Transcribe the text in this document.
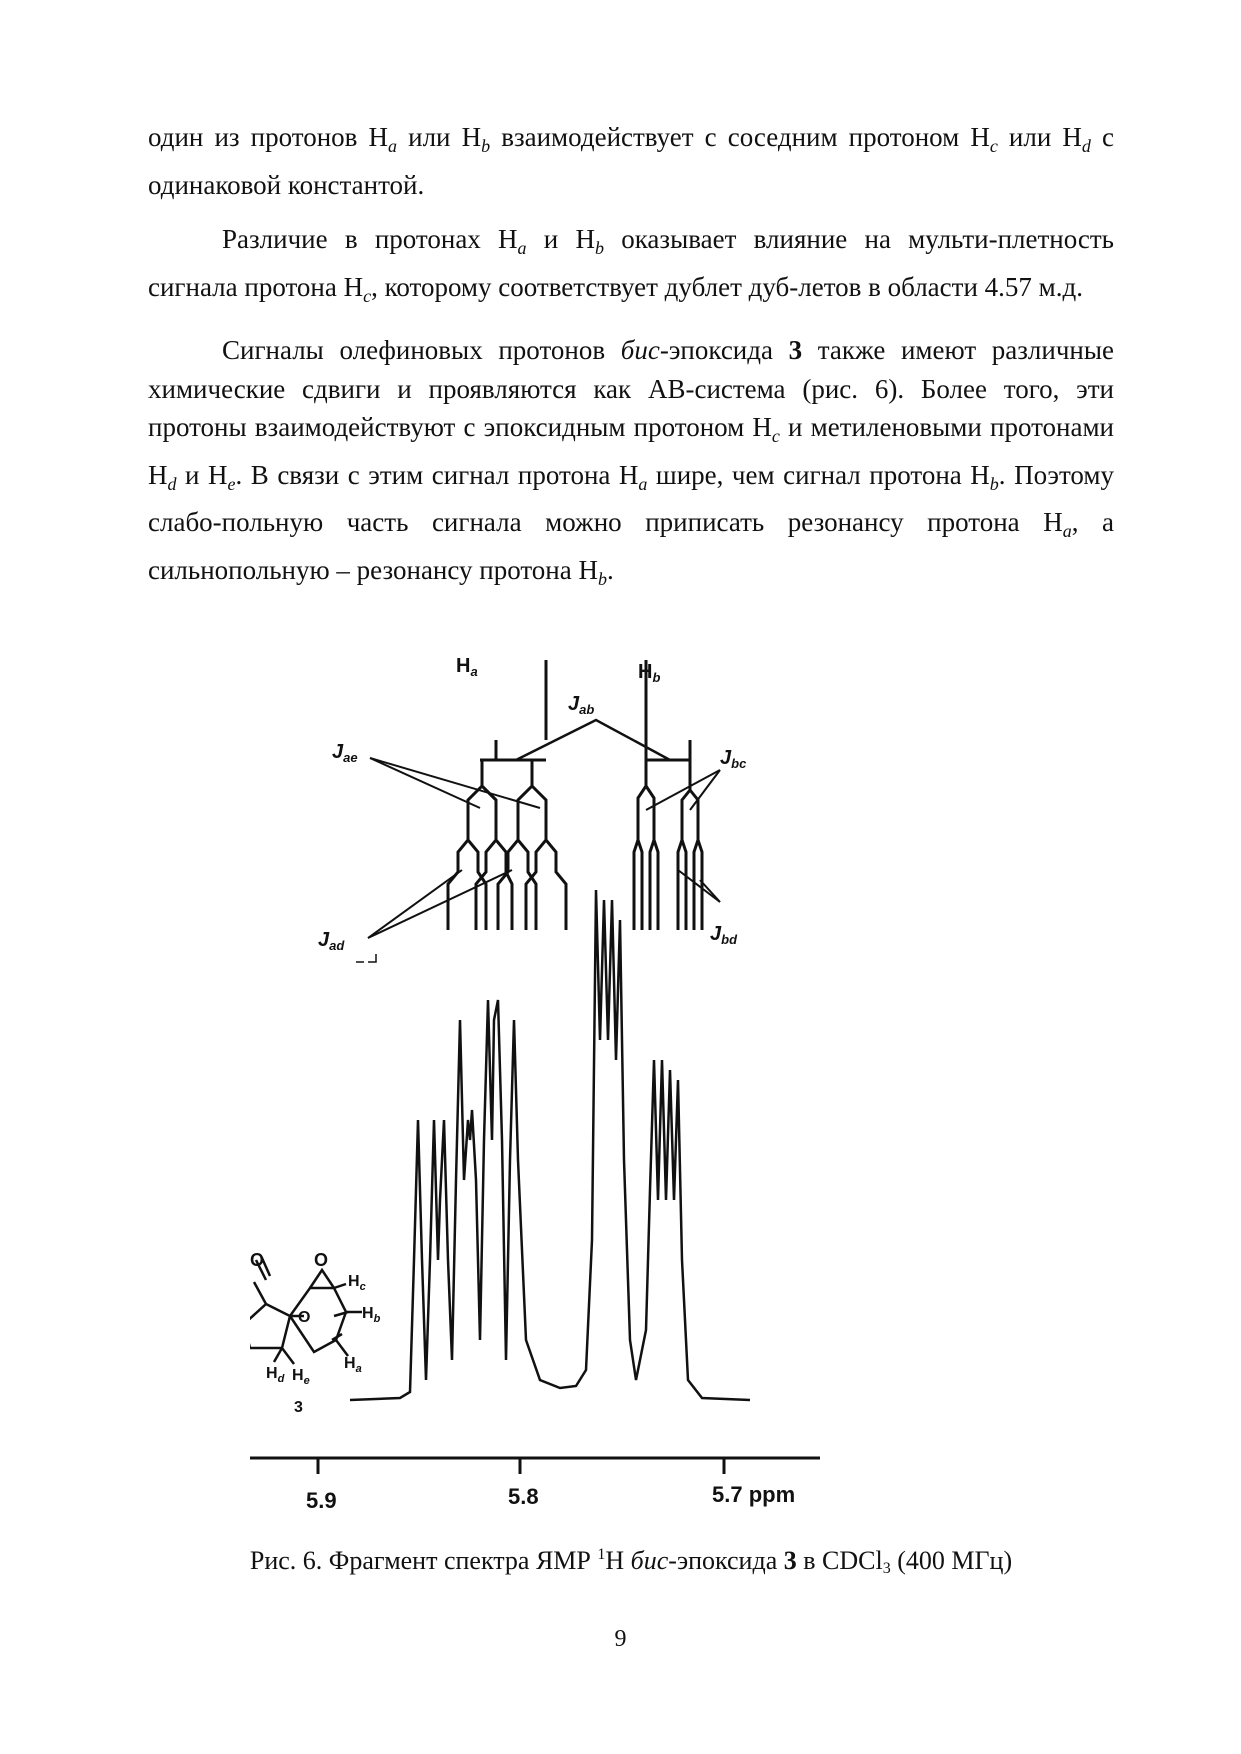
один из протонов $H_a$ или $H_b$ взаимодействует с соседним протоном $H_c$ или $H_d$ с одинаковой константой.

Различие в протонах $H_a$ и $H_b$ оказывает влияние на мульти-плетность сигнала протона $H_c$, которому соответствует дублет дуб-летов в области 4.57 м.д.

Сигналы олефиновых протонов бис-эпоксида 3 также имеют различные химические сдвиги и проявляются как AB-система (рис. 6). Более того, эти протоны взаимодействуют с эпоксидным протоном $H_c$ и метиленовыми протонами $H_d$ и $H_e$. В связи с этим сигнал протона $H_a$ шире, чем сигнал протона $H_b$. Поэтому слабо-польную часть сигнала можно приписать резонансу протона $H_a$, а сильнопольную – резонансу протона $H_b$.

$H_a$	$H_b$
$J_{ab}$
$J_{ae}$	$J_{bc}$
$J_{ad}$
$J_{bd}$
5.9	5.8	5.7 ppm
O	O
O
$H_c$
$H_b$
$H_a$
$H_d$ $H_e$
3
Рис. 6. Фрагмент спектра ЯМР $^1$H бис-эпоксида 3 в CDCl$_3$ (400 МГц)
9
